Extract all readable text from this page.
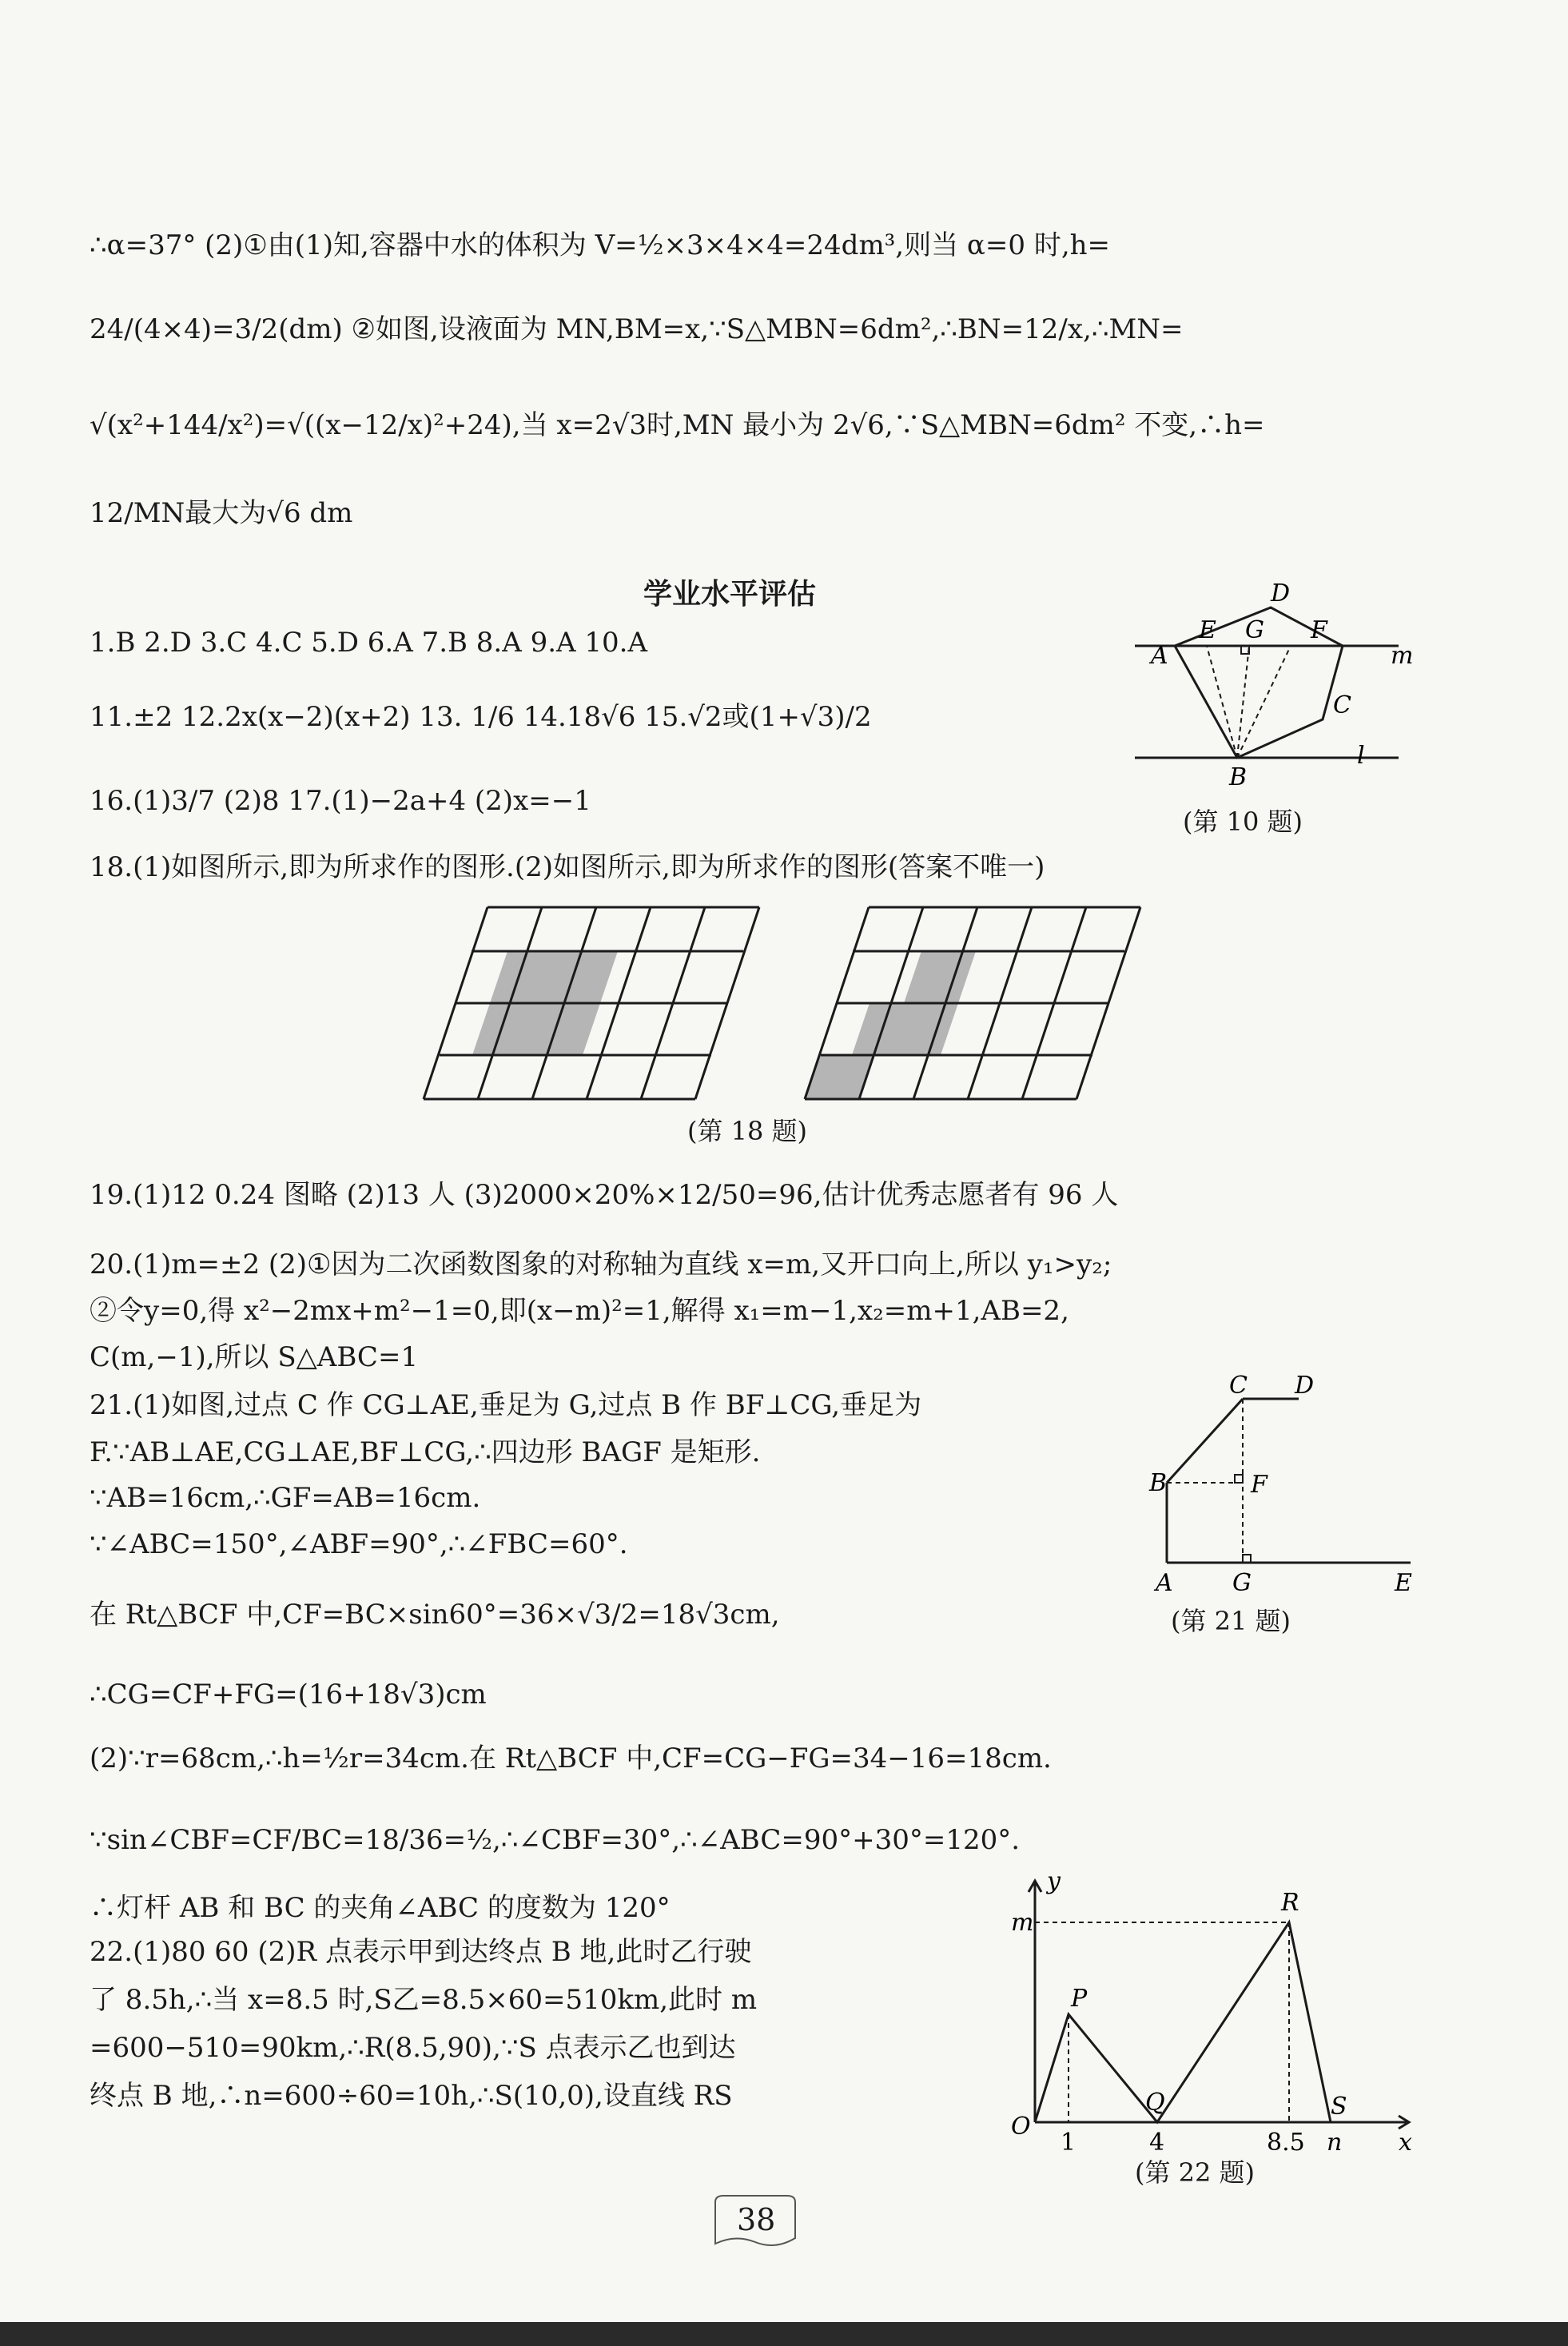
∴α=37° (2)①由(1)知,容器中水的体积为 V=½×3×4×4=24dm³,则当 α=0 时,h=
24/(4×4)=3/2(dm) ②如图,设液面为 MN,BM=x,∵S△MBN=6dm²,∴BN=12/x,∴MN=
√(x²+144/x²)=√((x−12/x)²+24),当 x=2√3时,MN 最小为 2√6,∵S△MBN=6dm² 不变,∴h=
12/MN最大为√6 dm
学业水平评估
1.B 2.D 3.C 4.C 5.D 6.A 7.B 8.A 9.A 10.A
11.±2 12.2x(x−2)(x+2) 13. 1/6 14.18√6 15.√2或(1+√3)/2
16.(1)3/7 (2)8 17.(1)−2a+4 (2)x=−1
D
E G F
A	m
C
B
l
(第 10 题)
18.(1)如图所示,即为所求作的图形.(2)如图所示,即为所求作的图形(答案不唯一)
(第 18 题)
19.(1)12 0.24 图略 (2)13 人 (3)2000×20%×12/50=96,估计优秀志愿者有 96 人
20.(1)m=±2 (2)①因为二次函数图象的对称轴为直线 x=m,又开口向上,所以 y₁>y₂;
②令y=0,得 x²−2mx+m²−1=0,即(x−m)²=1,解得 x₁=m−1,x₂=m+1,AB=2,
C(m,−1),所以 S△ABC=1
21.(1)如图,过点 C 作 CG⊥AE,垂足为 G,过点 B 作 BF⊥CG,垂足为
F.∵AB⊥AE,CG⊥AE,BF⊥CG,∴四边形 BAGF 是矩形.
∵AB=16cm,∴GF=AB=16cm.
∵∠ABC=150°,∠ABF=90°,∴∠FBC=60°.
在 Rt△BCF 中,CF=BC×sin60°=36×√3/2=18√3cm,
∴CG=CF+FG=(16+18√3)cm
(2)∵r=68cm,∴h=½r=34cm.在 Rt△BCF 中,CF=CG−FG=34−16=18cm.
∵sin∠CBF=CF/BC=18/36=½,∴∠CBF=30°,∴∠ABC=90°+30°=120°.
∴灯杆 AB 和 BC 的夹角∠ABC 的度数为 120°
C D
B	F
A G	E
(第 21 题)
22.(1)80 60 (2)R 点表示甲到达终点 B 地,此时乙行驶
了 8.5h,∴当 x=8.5 时,S乙=8.5×60=510km,此时 m
=600−510=90km,∴R(8.5,90),∵S 点表示乙也到达
终点 B 地,∴n=600÷60=10h,∴S(10,0),设直线 RS
y
m
R
P
Q	S
O
x
1	4	8.5 n
(第 22 题)
38
